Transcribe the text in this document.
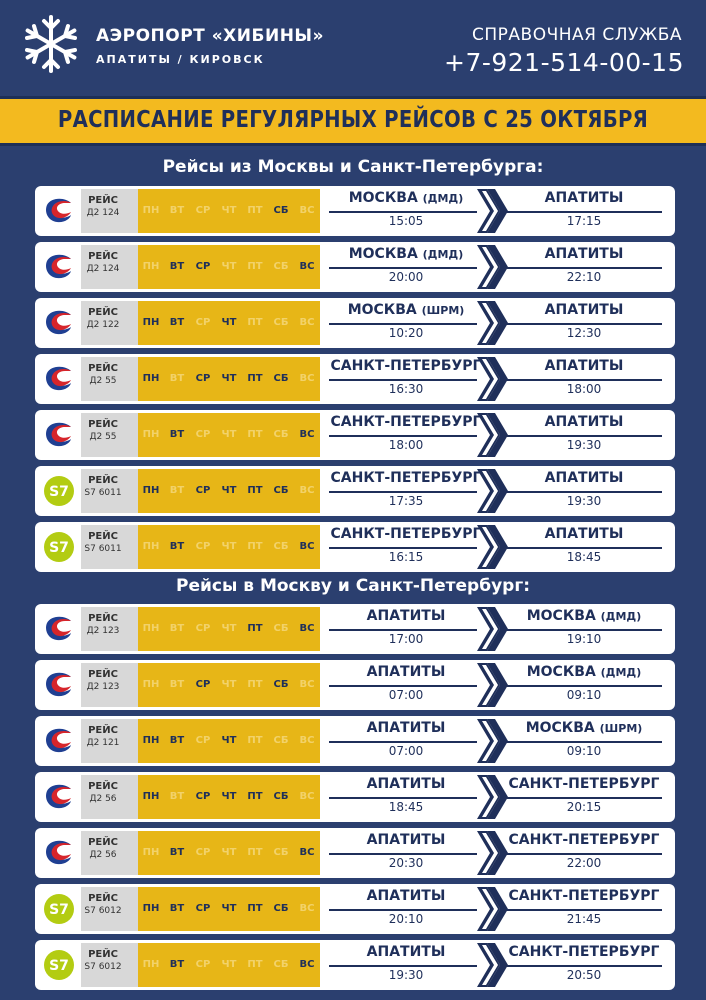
АЭРОПОРТ «ХИБИНЫ»
АПАТИТЫ / КИРОВСК
СПРАВОЧНАЯ СЛУЖБА
+7-921-514-00-15
РАСПИСАНИЕ РЕГУЛЯРНЫХ РЕЙСОВ С 25 ОКТЯБРЯ
Рейсы из Москвы и Санкт-Петербурга:
РЕЙС
Д2 124	ПН	ВТ	СР	ЧТ	ПТ	СБ	ВС
МОСКВА (ДМД)
15:05
АПАТИТЫ
17:15
РЕЙС
Д2 124	ПН	ВТ	СР	ЧТ	ПТ	СБ	ВС
МОСКВА (ДМД)
20:00
АПАТИТЫ
22:10
РЕЙС
Д2 122	ПН	ВТ	СР	ЧТ	ПТ	СБ	ВС
МОСКВА (ШРМ)
10:20
АПАТИТЫ
12:30
РЕЙС
Д2 55	ПН	ВТ	СР	ЧТ	ПТ	СБ	ВС
САНКТ-ПЕТЕРБУРГ
16:30
АПАТИТЫ
18:00
РЕЙС
Д2 55	ПН	ВТ	СР	ЧТ	ПТ	СБ	ВС
САНКТ-ПЕТЕРБУРГ
18:00
АПАТИТЫ
19:30
S7
РЕЙС
S7 6011	ПН	ВТ	СР	ЧТ	ПТ	СБ	ВС
САНКТ-ПЕТЕРБУРГ
17:35
АПАТИТЫ
19:30
S7
РЕЙС
S7 6011	ПН	ВТ	СР	ЧТ	ПТ	СБ	ВС
САНКТ-ПЕТЕРБУРГ
16:15
АПАТИТЫ
18:45
Рейсы в Москву и Санкт-Петербург:
РЕЙС
Д2 123	ПН	ВТ	СР	ЧТ	ПТ	СБ	ВС
АПАТИТЫ
17:00
МОСКВА (ДМД)
19:10
РЕЙС
Д2 123	ПН	ВТ	СР	ЧТ	ПТ	СБ	ВС
АПАТИТЫ
07:00
МОСКВА (ДМД)
09:10
РЕЙС
Д2 121	ПН	ВТ	СР	ЧТ	ПТ	СБ	ВС
АПАТИТЫ
07:00
МОСКВА (ШРМ)
09:10
РЕЙС
Д2 56	ПН	ВТ	СР	ЧТ	ПТ	СБ	ВС
АПАТИТЫ
18:45
САНКТ-ПЕТЕРБУРГ
20:15
РЕЙС
Д2 56	ПН	ВТ	СР	ЧТ	ПТ	СБ	ВС
АПАТИТЫ
20:30
САНКТ-ПЕТЕРБУРГ
22:00
S7
РЕЙС
S7 6012	ПН	ВТ	СР	ЧТ	ПТ	СБ	ВС
АПАТИТЫ
20:10
САНКТ-ПЕТЕРБУРГ
21:45
S7
РЕЙС
S7 6012	ПН	ВТ	СР	ЧТ	ПТ	СБ	ВС
АПАТИТЫ
19:30
САНКТ-ПЕТЕРБУРГ
20:50
